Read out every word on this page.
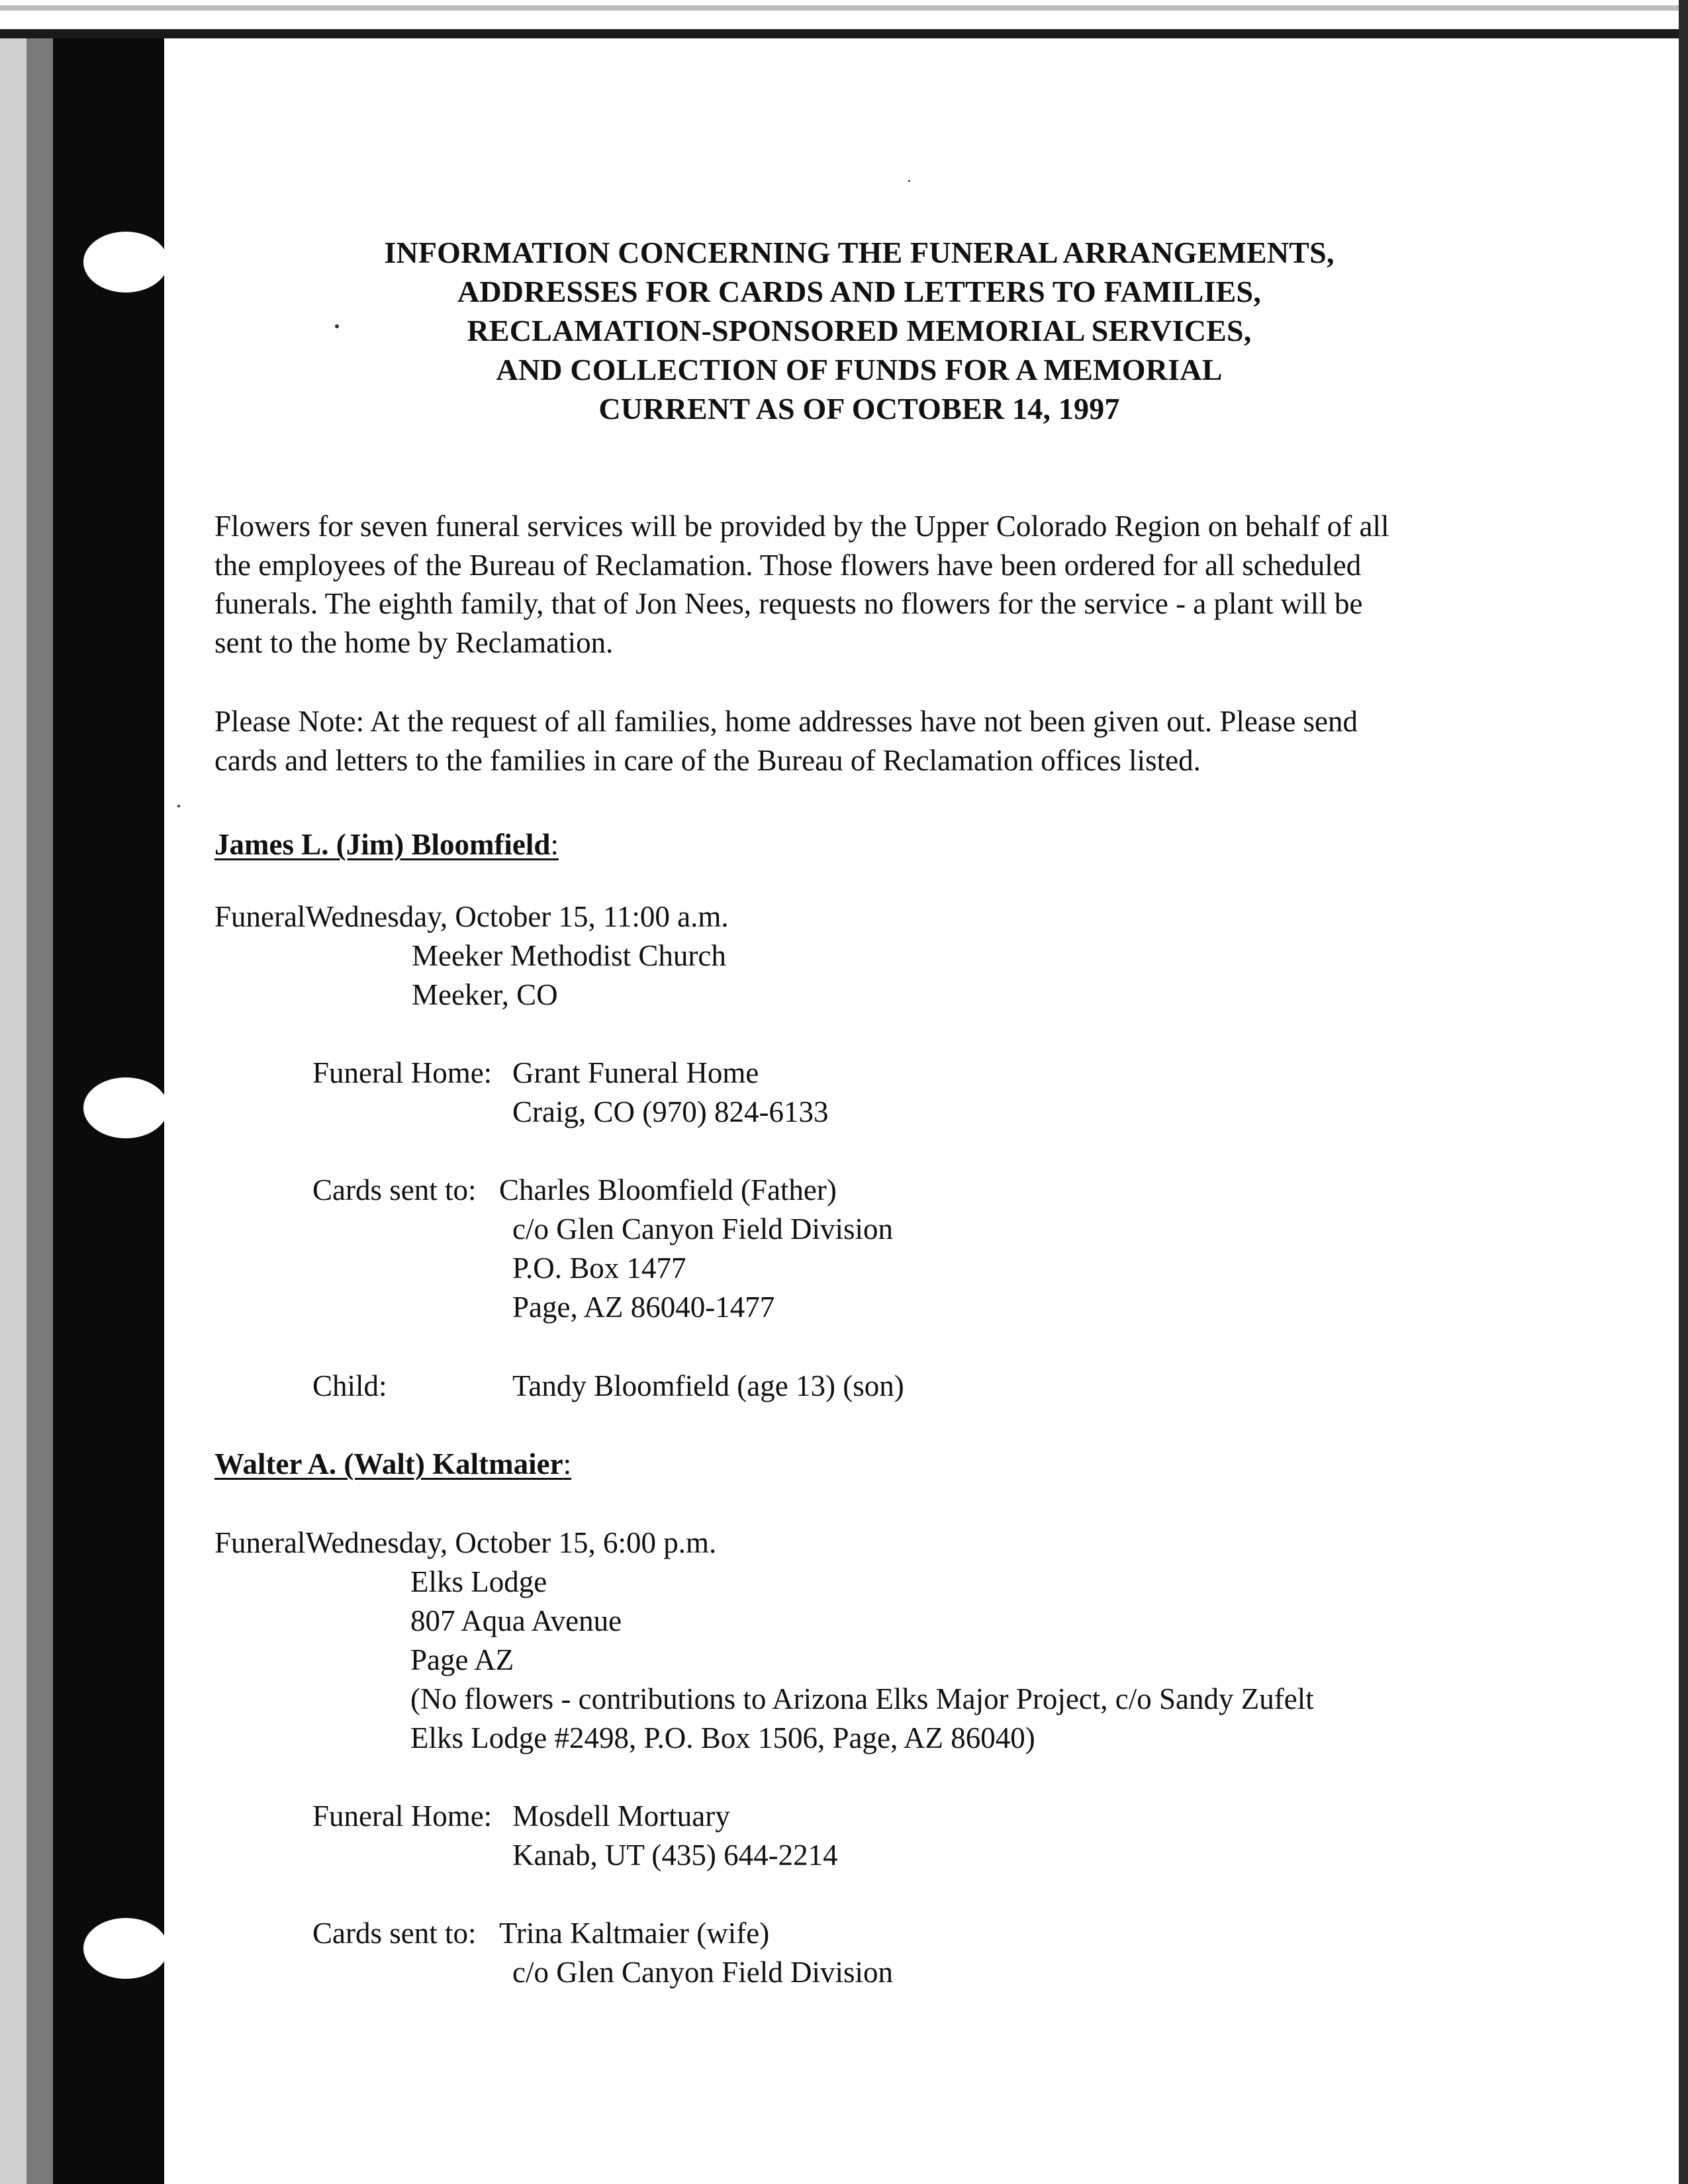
INFORMATION CONCERNING THE FUNERAL ARRANGEMENTS,
ADDRESSES FOR CARDS AND LETTERS TO FAMILIES,
RECLAMATION-SPONSORED MEMORIAL SERVICES,
AND COLLECTION OF FUNDS FOR A MEMORIAL
CURRENT AS OF OCTOBER 14, 1997
Flowers for seven funeral services will be provided by the Upper Colorado Region on behalf of all
the employees of the Bureau of Reclamation. Those flowers have been ordered for all scheduled
funerals. The eighth family, that of Jon Nees, requests no flowers for the service - a plant will be
sent to the home by Reclamation.
Please Note: At the request of all families, home addresses have not been given out. Please send
cards and letters to the families in care of the Bureau of Reclamation offices listed.
James L. (Jim) Bloomfield:
FuneralWednesday, October 15, 11:00 a.m.
Meeker Methodist Church
Meeker, CO
Funeral Home: Grant Funeral Home
Craig, CO (970) 824-6133
Cards sent to: Charles Bloomfield (Father)
c/o Glen Canyon Field Division
P.O. Box 1477
Page, AZ 86040-1477
Child:	Tandy Bloomfield (age 13) (son)
Walter A. (Walt) Kaltmaier:
FuneralWednesday, October 15, 6:00 p.m.
Elks Lodge
807 Aqua Avenue
Page AZ
(No flowers - contributions to Arizona Elks Major Project, c/o Sandy Zufelt
Elks Lodge #2498, P.O. Box 1506, Page, AZ 86040)
Funeral Home: Mosdell Mortuary
Kanab, UT (435) 644-2214
Cards sent to: Trina Kaltmaier (wife)
c/o Glen Canyon Field Division
